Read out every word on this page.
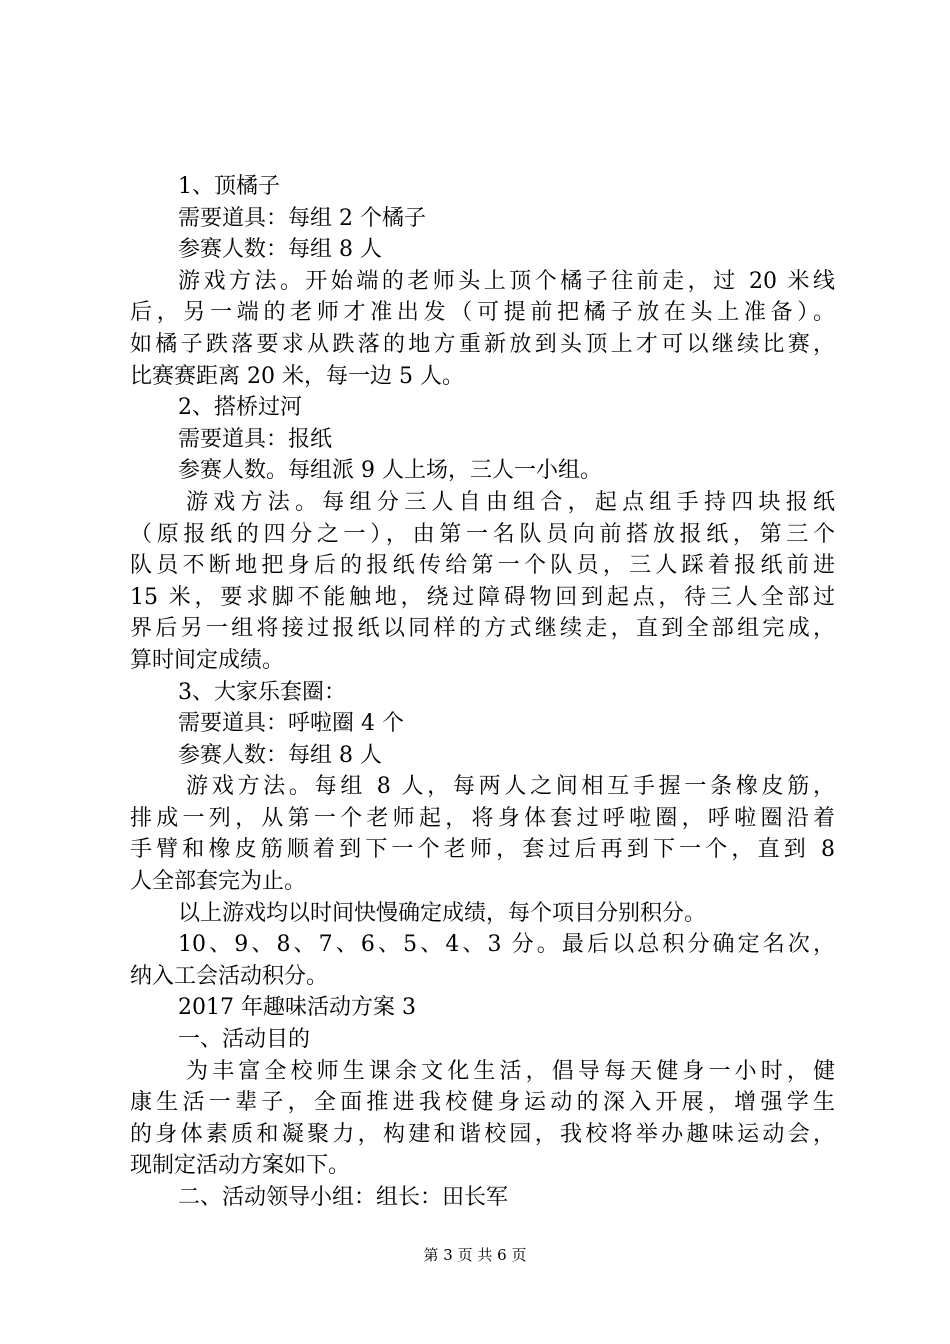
1、顶橘子
需要道具：每组 2 个橘子
参赛人数：每组 8 人
游戏方法。开始端的老师头上顶个橘子往前走，过 20 米线
后，另一端的老师才准出发（可提前把橘子放在头上准备）。
如橘子跌落要求从跌落的地方重新放到头顶上才可以继续比赛，
比赛赛距离 20 米，每一边 5 人。
2、搭桥过河
需要道具：报纸
参赛人数。每组派 9 人上场，三人一小组。
游戏方法。每组分三人自由组合，起点组手持四块报纸
（原报纸的四分之一），由第一名队员向前搭放报纸，第三个
队员不断地把身后的报纸传给第一个队员，三人踩着报纸前进
15 米，要求脚不能触地，绕过障碍物回到起点，待三人全部过
界后另一组将接过报纸以同样的方式继续走，直到全部组完成，
算时间定成绩。
3、大家乐套圈：
需要道具：呼啦圈 4 个
参赛人数：每组 8 人
游戏方法。每组 8 人，每两人之间相互手握一条橡皮筋，
排成一列，从第一个老师起，将身体套过呼啦圈，呼啦圈沿着
手臂和橡皮筋顺着到下一个老师，套过后再到下一个，直到 8
人全部套完为止。
以上游戏均以时间快慢确定成绩，每个项目分别积分。
10、9、8、7、6、5、4、3 分。最后以总积分确定名次，
纳入工会活动积分。
2017 年趣味活动方案 3
一、活动目的
为丰富全校师生课余文化生活，倡导每天健身一小时，健
康生活一辈子，全面推进我校健身运动的深入开展，增强学生
的身体素质和凝聚力，构建和谐校园，我校将举办趣味运动会，
现制定活动方案如下。
二、活动领导小组：组长：田长军
第 3 页 共 6 页
